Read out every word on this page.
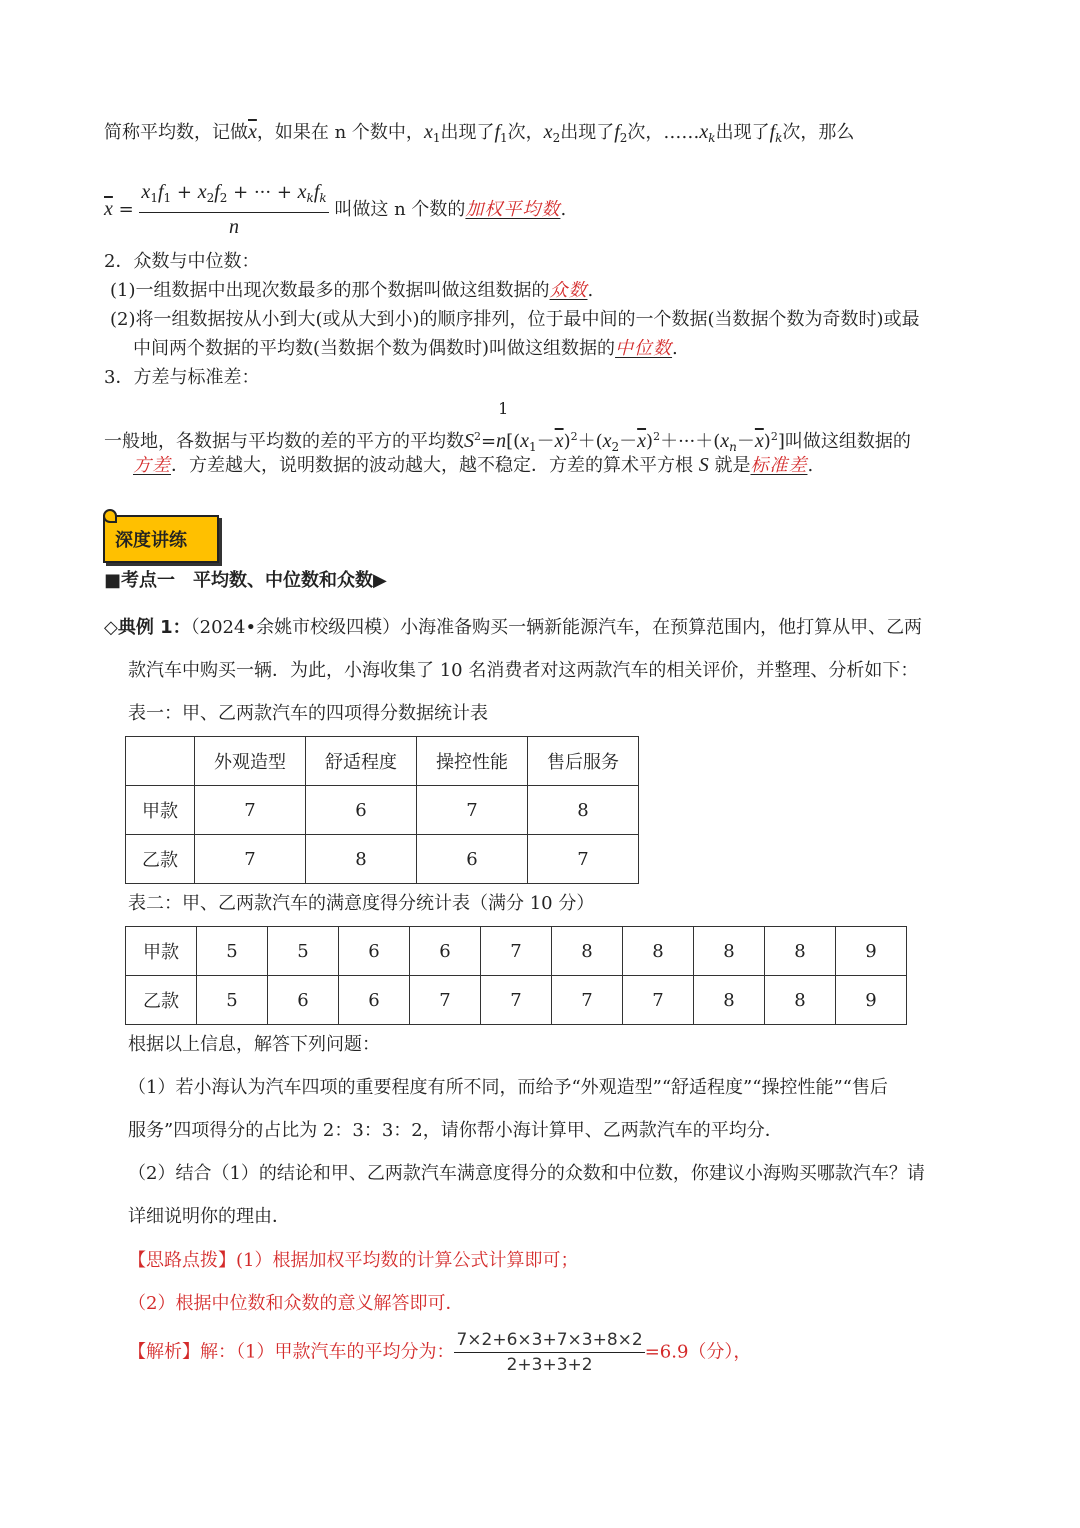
简称平均数，记做$\overline{x}$，如果在 n 个数中，$x_1$出现了$f_1$次，$x_2$出现了$f_2$次，$\dots\dots x_k$出现了$f_k$次，那么
$\overline{x} = \frac{x_1f_1 + x_2f_2 + \cdot\cdot\cdot + x_kf_k}{n}$ 叫做这 n 个数的加权平均数.
2．众数与中位数：
(1)一组数据中出现次数最多的那个数据叫做这组数据的众数.
(2)将一组数据按从小到大(或从大到小)的顺序排列，位于最中间的一个数据(当数据个数为奇数时)或最
中间两个数据的平均数(当数据个数为偶数时)叫做这组数据的中位数.
3．方差与标准差：
一般地，各数据与平均数的差的平方的平均数$S^2=$
1
$n[(x_1-\overline{x})^2+(x_2-\overline{x})^2+\cdot\cdot\cdot+(x_n-\overline{x})^2]$叫做这组数据的
方差．方差越大，说明数据的波动越大，越不稳定．方差的算术平方根 S 就是标准差.
深度讲练
■考点一　平均数、中位数和众数▶
◇典例 1：（2024•余姚市校级四模）小海准备购买一辆新能源汽车，在预算范围内，他打算从甲、乙两
款汽车中购买一辆．为此，小海收集了 10 名消费者对这两款汽车的相关评价，并整理、分析如下：
表一：甲、乙两款汽车的四项得分数据统计表
	外观造型	舒适程度	操控性能	售后服务
甲款	7	6	7	8
乙款	7	8	6	7
表二：甲、乙两款汽车的满意度得分统计表（满分 10 分）
甲款	5	5	6	6	7	8	8	8	8	9
乙款	5	6	6	7	7	7	7	8	8	9
根据以上信息，解答下列问题：
（1）若小海认为汽车四项的重要程度有所不同，而给予“外观造型”“舒适程度”“操控性能”“售后
服务”四项得分的占比为 2：3：3：2，请你帮小海计算甲、乙两款汽车的平均分．
（2）结合（1）的结论和甲、乙两款汽车满意度得分的众数和中位数，你建议小海购买哪款汽车？请
详细说明你的理由．
【思路点拨】(1）根据加权平均数的计算公式计算即可；
（2）根据中位数和众数的意义解答即可．
【解析】解：（1）甲款汽车的平均分为： $\frac{7\times 2+6\times 3+7\times 3+8\times 2}{2+3+3+2} =6.9$（分），
